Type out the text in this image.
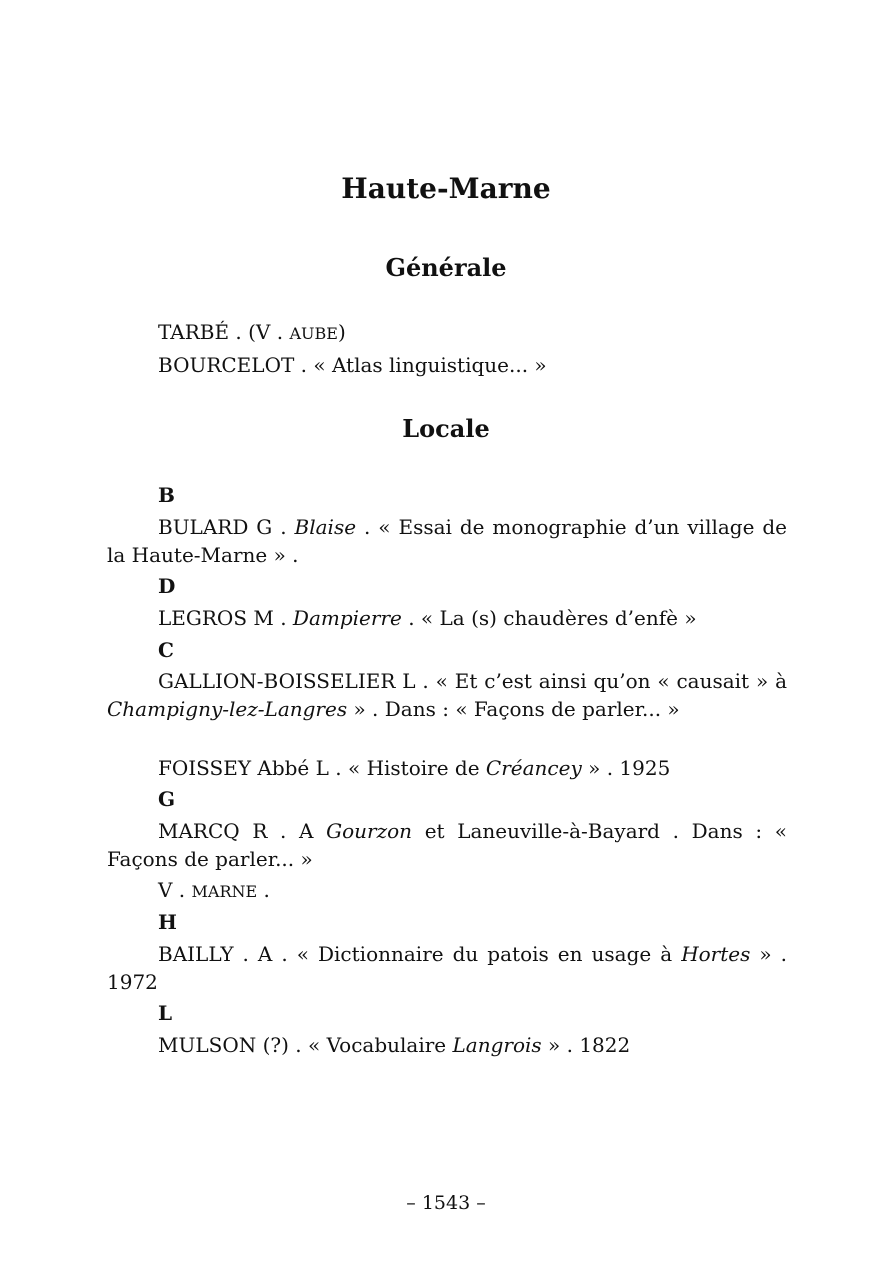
Haute-Marne
Générale
TARBÉ . (V . AUBE)
BOURCELOT . « Atlas linguistique... »
Locale
B
BULARD G . Blaise . « Essai de monographie d’un village de la Haute-Marne » .
D
LEGROS M . Dampierre . « La (s) chaudères d’enfè »
C
GALLION-BOISSELIER L . « Et c’est ainsi qu’on « causait » à Champigny-lez-Langres » . Dans : « Façons de parler... »
FOISSEY Abbé L . « Histoire de Créancey » . 1925
G
MARCQ R . A Gourzon et Laneuville-à-Bayard . Dans : « Façons de parler... »
V . MARNE .
H
BAILLY . A . « Dictionnaire du patois en usage à Hortes » . 1972
L
MULSON (?) . « Vocabulaire Langrois » . 1822
– 1543 –
